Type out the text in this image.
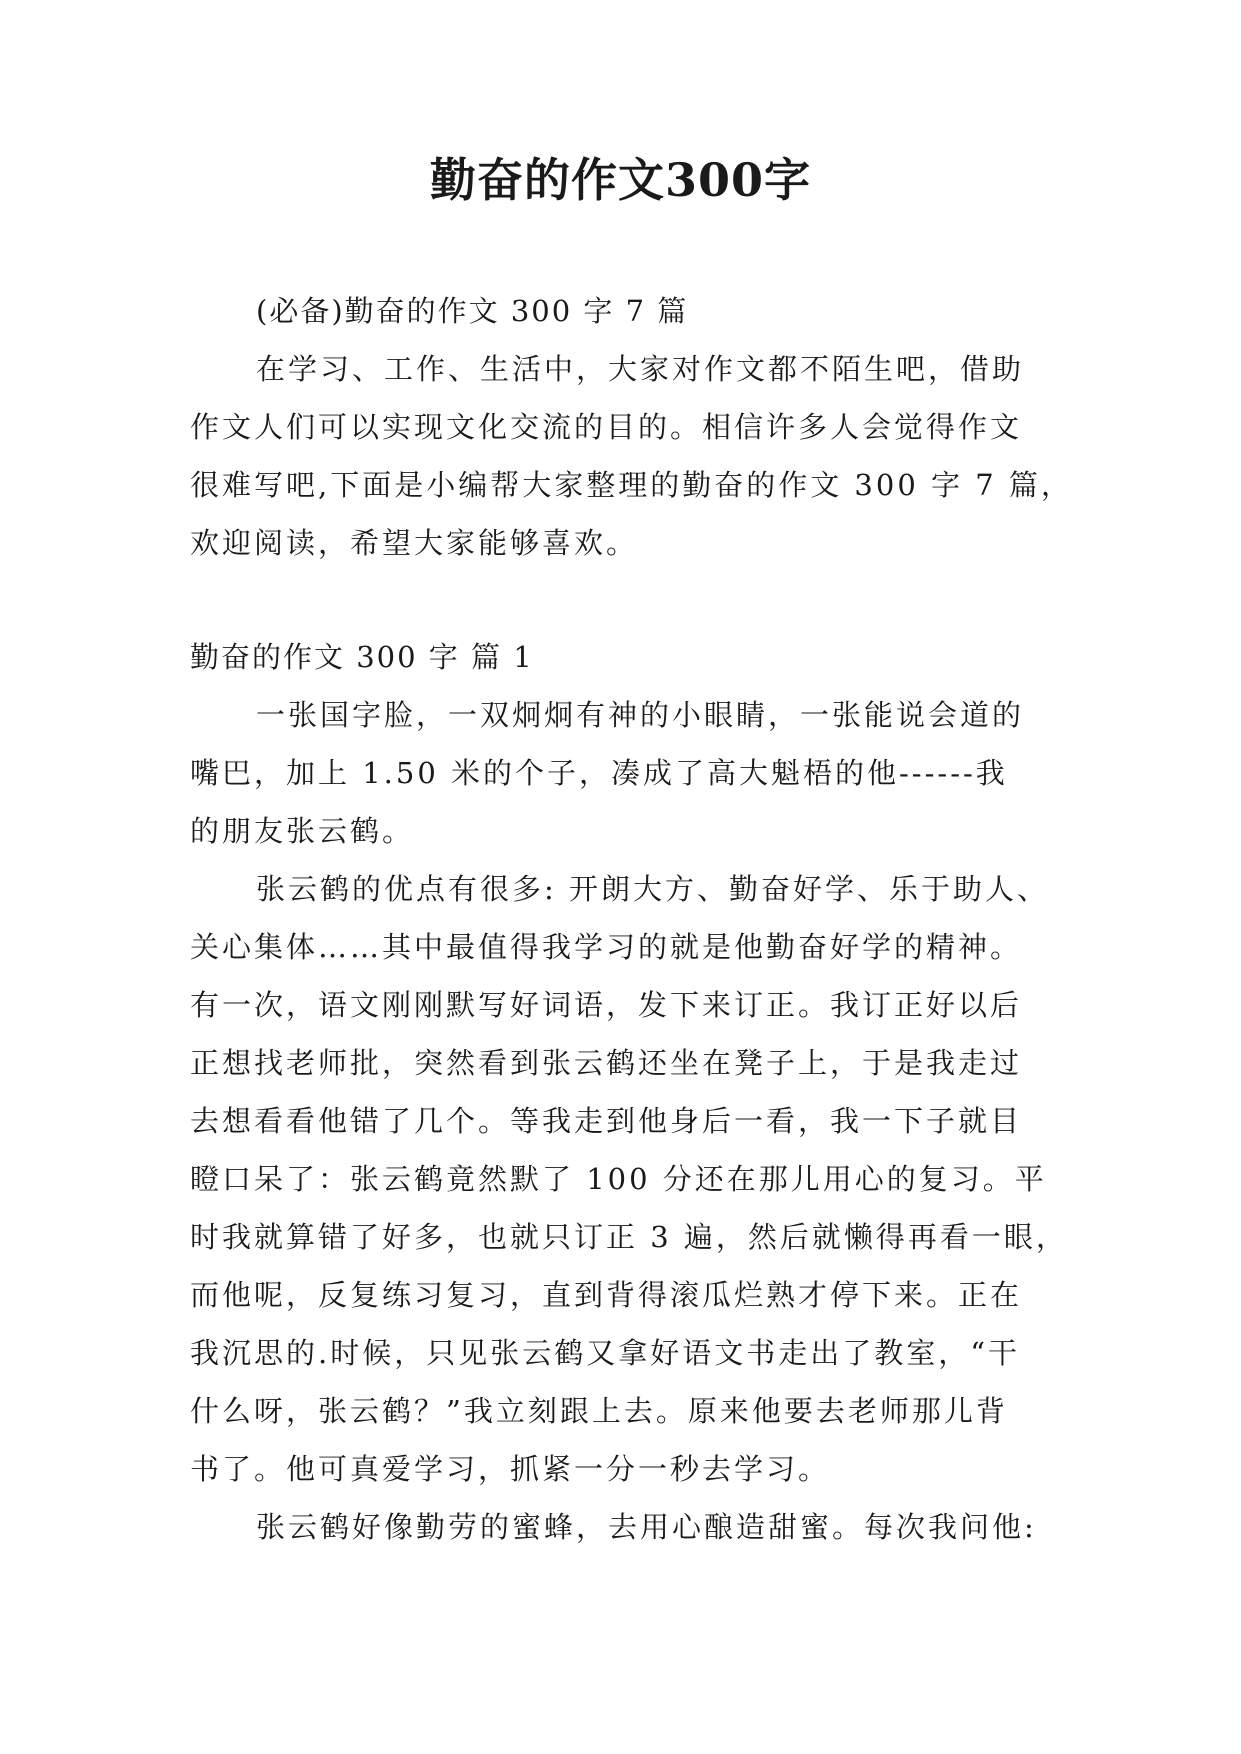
勤奋的作文300字
(必备)勤奋的作文 300 字 7 篇
在学习、工作、生活中，大家对作文都不陌生吧，借助
作文人们可以实现文化交流的目的。相信许多人会觉得作文
很难写吧,下面是小编帮大家整理的勤奋的作文 300 字 7 篇，
欢迎阅读，希望大家能够喜欢。
勤奋的作文 300 字 篇 1
一张国字脸，一双炯炯有神的小眼睛，一张能说会道的
嘴巴，加上 1.50 米的个子，凑成了高大魁梧的他------我
的朋友张云鹤。
张云鹤的优点有很多: 开朗大方、勤奋好学、乐于助人、
关心集体……其中最值得我学习的就是他勤奋好学的精神。
有一次，语文刚刚默写好词语，发下来订正。我订正好以后
正想找老师批，突然看到张云鹤还坐在凳子上，于是我走过
去想看看他错了几个。等我走到他身后一看，我一下子就目
瞪口呆了：张云鹤竟然默了 100 分还在那儿用心的复习。平
时我就算错了好多，也就只订正 3 遍，然后就懒得再看一眼，
而他呢，反复练习复习，直到背得滚瓜烂熟才停下来。正在
我沉思的.时候，只见张云鹤又拿好语文书走出了教室，“干
什么呀，张云鹤？”我立刻跟上去。原来他要去老师那儿背
书了。他可真爱学习，抓紧一分一秒去学习。
张云鹤好像勤劳的蜜蜂，去用心酿造甜蜜。每次我问他:
